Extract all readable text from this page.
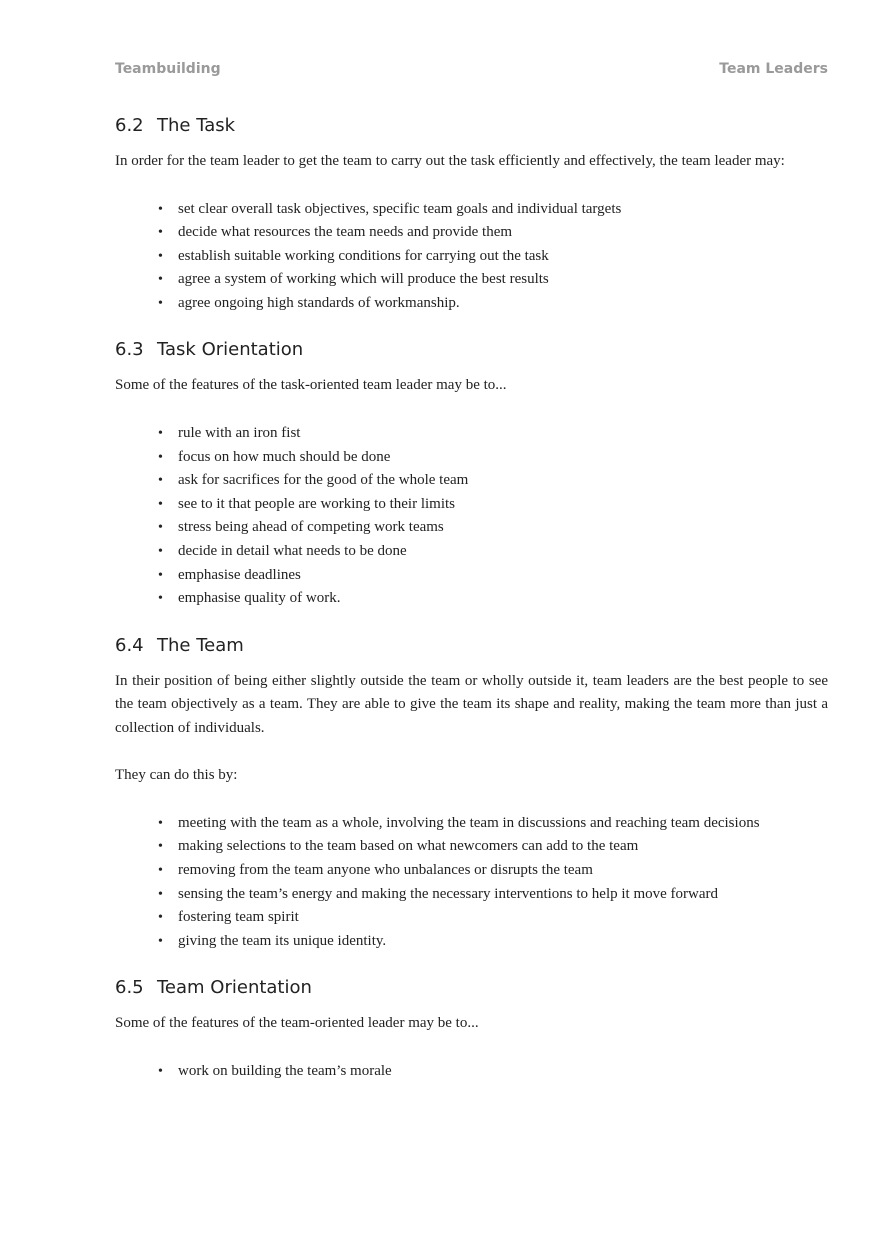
Teambuilding	Team Leaders
6.2 The Task

In order for the team leader to get the team to carry out the task efficiently and effectively, the team leader may:

• set clear overall task objectives, specific team goals and individual targets
• decide what resources the team needs and provide them
• establish suitable working conditions for carrying out the task
• agree a system of working which will produce the best results
• agree ongoing high standards of workmanship.
6.3 Task Orientation

Some of the features of the task-oriented team leader may be to...

• rule with an iron fist
• focus on how much should be done
• ask for sacrifices for the good of the whole team
• see to it that people are working to their limits
• stress being ahead of competing work teams
• decide in detail what needs to be done
• emphasise deadlines
• emphasise quality of work.
6.4 The Team

In their position of being either slightly outside the team or wholly outside it, team leaders are the best people to see the team objectively as a team. They are able to give the team its shape and reality, making the team more than just a collection of individuals.

They can do this by:

• meeting with the team as a whole, involving the team in discussions and reaching team decisions
• making selections to the team based on what newcomers can add to the team
• removing from the team anyone who unbalances or disrupts the team
• sensing the team’s energy and making the necessary interventions to help it move forward
• fostering team spirit
• giving the team its unique identity.
6.5 Team Orientation

Some of the features of the team-oriented leader may be to...

• work on building the team’s morale
